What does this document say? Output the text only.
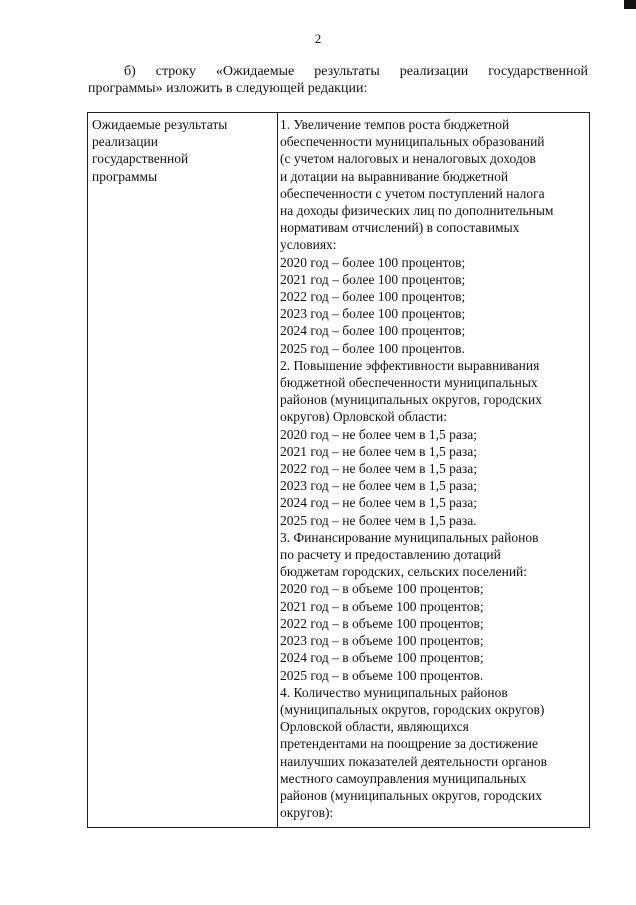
2
б) строку «Ожидаемые результаты реализации государственной
программы» изложить в следующей редакции:
Ожидаемые результаты
реализации
государственной
программы
1. Увеличение темпов роста бюджетной
обеспеченности муниципальных образований
(с учетом налоговых и неналоговых доходов
и дотации на выравнивание бюджетной
обеспеченности с учетом поступлений налога
на доходы физических лиц по дополнительным
нормативам отчислений) в сопоставимых
условиях:
2020 год – более 100 процентов;
2021 год – более 100 процентов;
2022 год – более 100 процентов;
2023 год – более 100 процентов;
2024 год – более 100 процентов;
2025 год – более 100 процентов.
2. Повышение эффективности выравнивания
бюджетной обеспеченности муниципальных
районов (муниципальных округов, городских
округов) Орловской области:
2020 год – не более чем в 1,5 раза;
2021 год – не более чем в 1,5 раза;
2022 год – не более чем в 1,5 раза;
2023 год – не более чем в 1,5 раза;
2024 год – не более чем в 1,5 раза;
2025 год – не более чем в 1,5 раза.
3. Финансирование муниципальных районов
по расчету и предоставлению дотаций
бюджетам городских, сельских поселений:
2020 год – в объеме 100 процентов;
2021 год – в объеме 100 процентов;
2022 год – в объеме 100 процентов;
2023 год – в объеме 100 процентов;
2024 год – в объеме 100 процентов;
2025 год – в объеме 100 процентов.
4. Количество муниципальных районов
(муниципальных округов, городских округов)
Орловской области, являющихся
претендентами на поощрение за достижение
наилучших показателей деятельности органов
местного самоуправления муниципальных
районов (муниципальных округов, городских
округов):
